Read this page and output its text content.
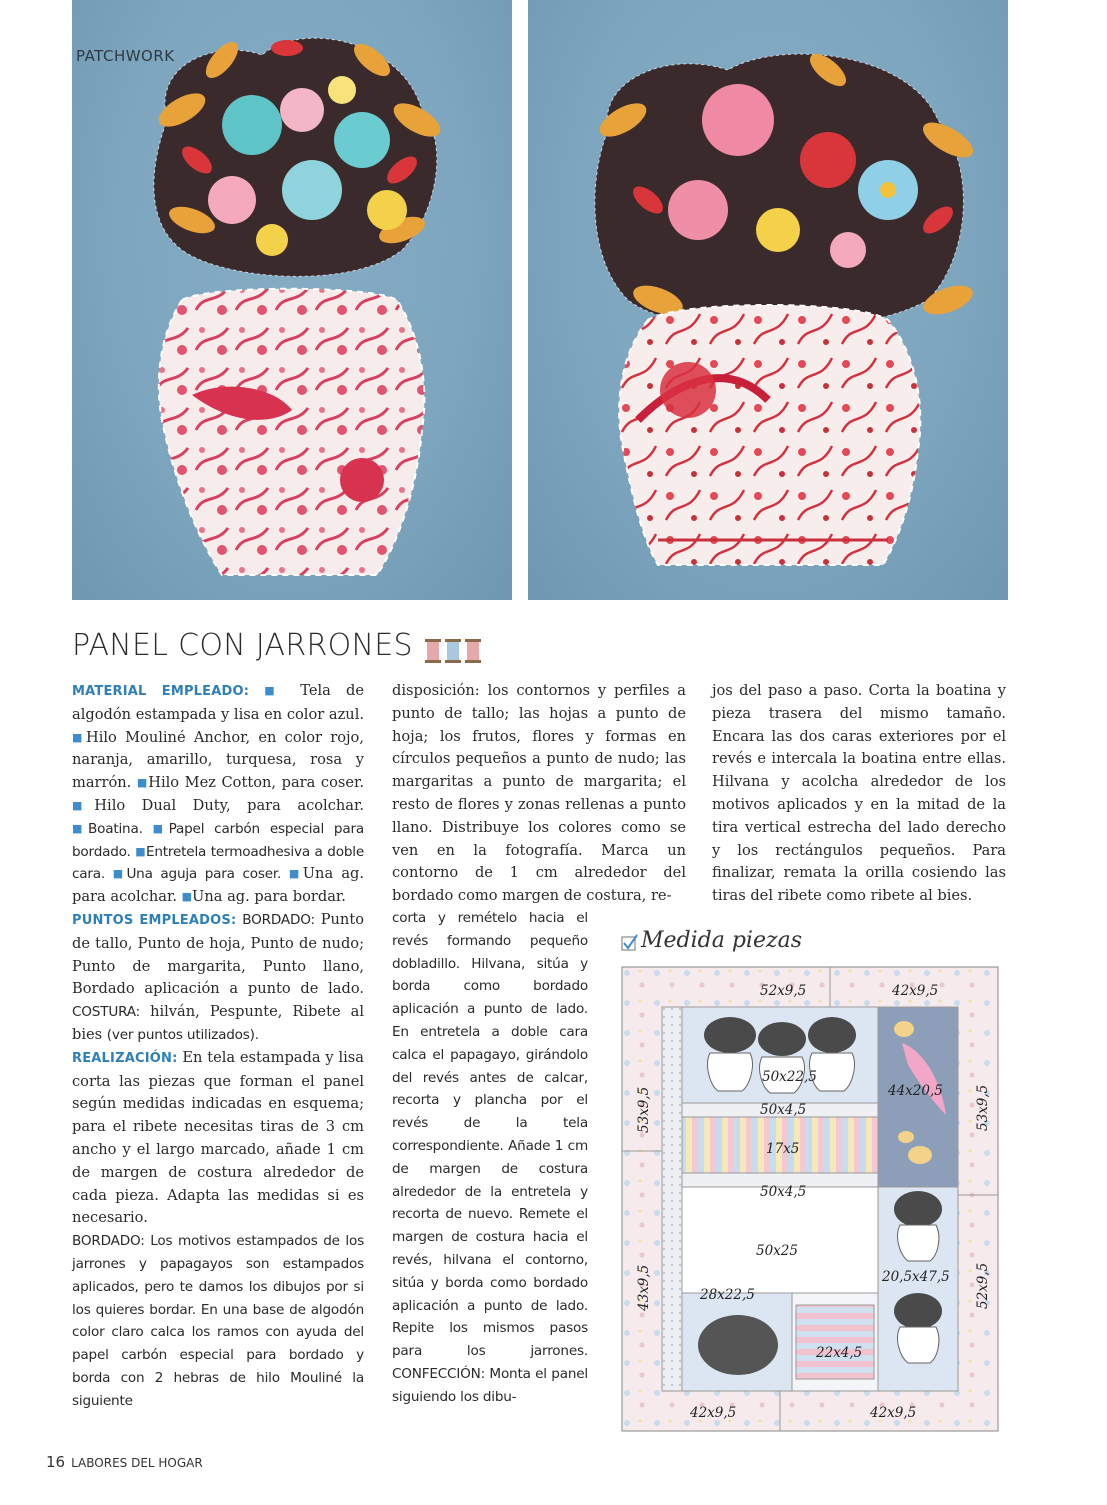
PATCHWORK
PANEL CON JARRONES

MATERIAL EMPLEADO: ■ Tela de algodón estampada y lisa en color azul. ■Hilo Mouliné Anchor, en color rojo, naranja, amarillo, turquesa, rosa y marrón. ■Hilo Mez Cotton, para coser. ■Hilo Dual Duty, para acolchar. ■Boatina. ■Papel carbón especial para bordado. ■Entretela termoadhesiva a doble cara. ■Una aguja para coser. ■Una ag. para acolchar. ■Una ag. para bordar.

PUNTOS EMPLEADOS: BORDADO: Punto de tallo, Punto de hoja, Punto de nudo; Punto de margarita, Punto llano, Bordado aplicación a punto de lado. COSTURA: hilván, Pespunte, Ribete al bies (ver puntos utilizados).

REALIZACIÓN: En tela estampada y lisa corta las piezas que forman el panel según medidas indicadas en esquema; para el ribete necesitas tiras de 3 cm ancho y el largo marcado, añade 1 cm de margen de costura alrededor de cada pieza. Adapta las medidas si es necesario.

BORDADO: Los motivos estampados de los jarrones y papagayos son estampados aplicados, pero te damos los dibujos por si los quieres bordar. En una base de algodón color claro calca los ramos con ayuda del papel carbón especial para bordado y borda con 2 hebras de hilo Mouliné la siguiente

disposición: los contornos y perfiles a punto de tallo; las hojas a punto de hoja; los frutos, flores y formas en círculos pequeños a punto de nudo; las margaritas a punto de margarita; el resto de flores y zonas rellenas a punto llano. Distribuye los colores como se ven en la fotografía. Marca un contorno de 1 cm alrededor del bordado como margen de costura, re-

corta y remételo hacia el revés formando pequeño dobladillo. Hilvana, sitúa y borda como bordado aplicación a punto de lado. En entretela a doble cara calca el papagayo, girándolo del revés antes de calcar, recorta y plancha por el revés de la tela correspondiente. Añade 1 cm de margen de costura alrededor de la entretela y recorta de nuevo. Remete el margen de costura hacia el revés, hilvana el contorno, sitúa y borda como bordado aplicación a punto de lado. Repite los mismos pasos para los jarrones. CONFECCIÓN: Monta el panel siguiendo los dibu-

jos del paso a paso. Corta la boatina y pieza trasera del mismo tamaño. Encara las dos caras exteriores por el revés e intercala la boatina entre ellas. Hilvana y acolcha alrededor de los motivos aplicados y en la mitad de la tira vertical estrecha del lado derecho y los rectángulos pequeños. Para finalizar, remata la orilla cosiendo las tiras del ribete como ribete al bies.

Medida piezas
52x9,5	42x9,5
50x22,5
44x20,5
50x4,5
17x5
50x4,5
50x25
20,5x47,5
28x22,5
22x4,5
42x9,5	42x9,5
53x9,5
43x9,5
53x9,5
52x9,5
16 LABORES DEL HOGAR
